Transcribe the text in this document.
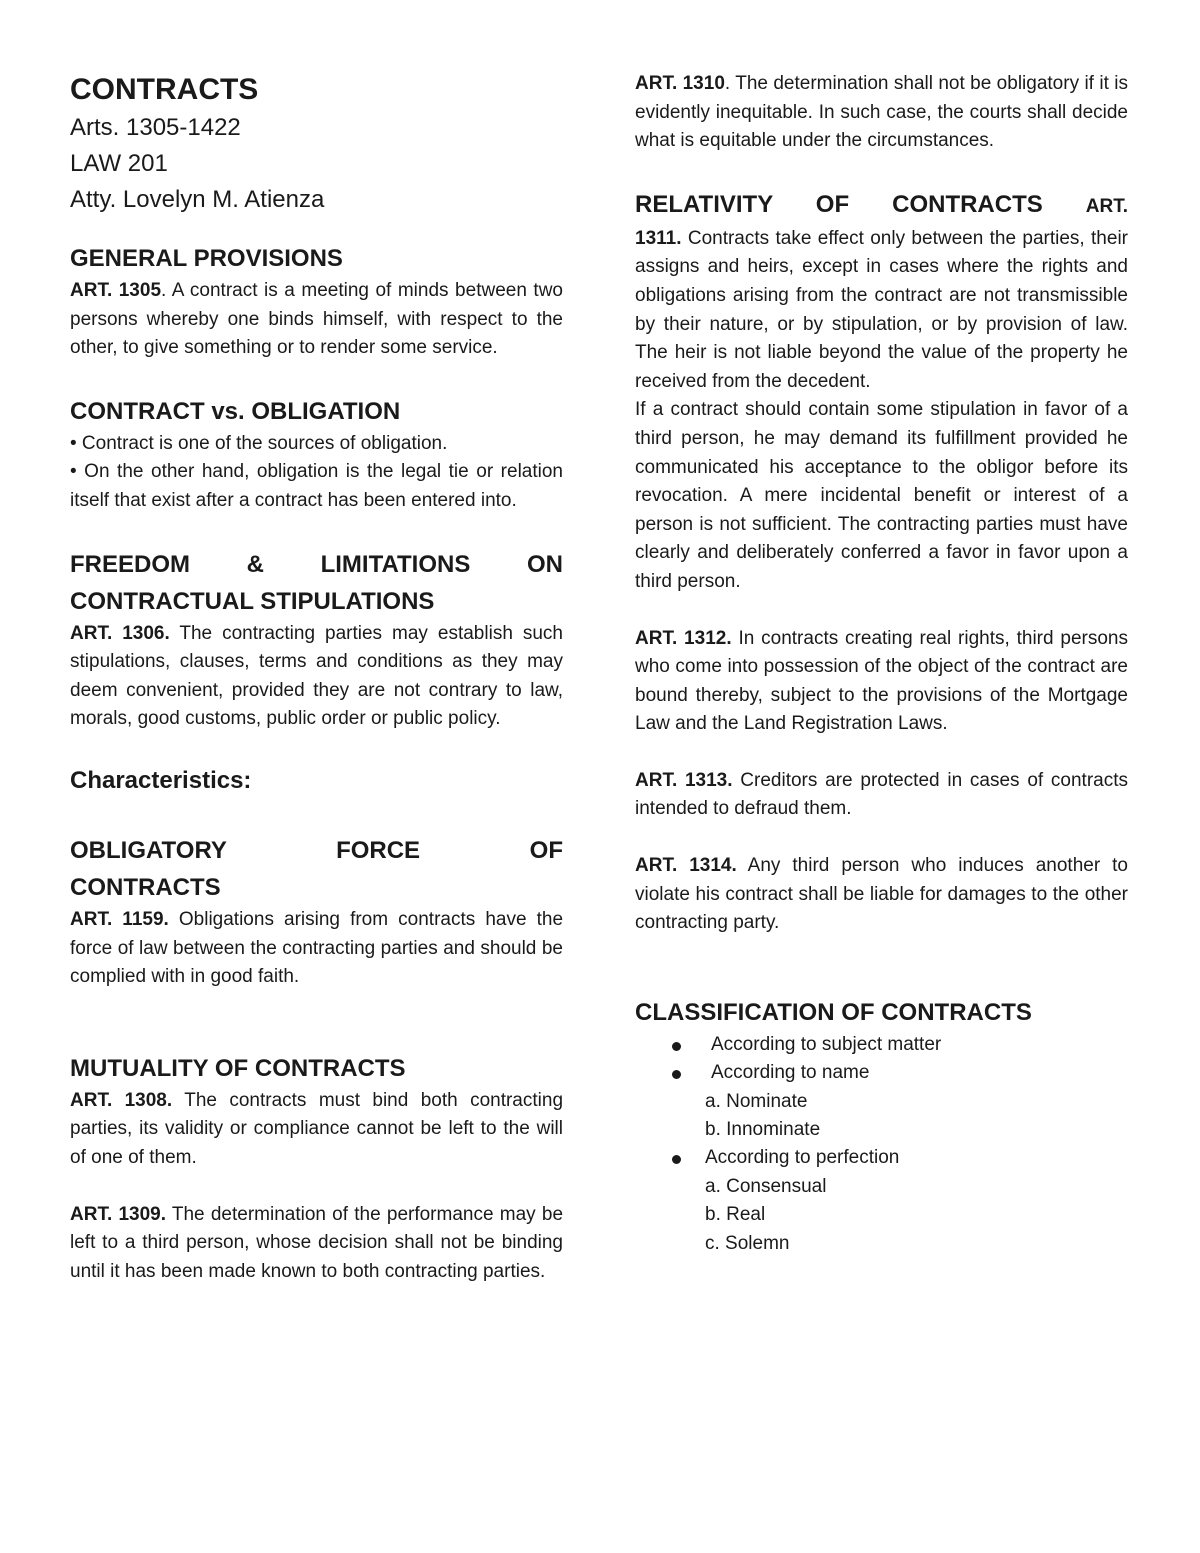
CONTRACTS

Arts. 1305-1422

LAW 201

Atty. Lovelyn M. Atienza

GENERAL PROVISIONS

ART. 1305. A contract is a meeting of minds between two persons whereby one binds himself, with respect to the other, to give something or to render some service.

CONTRACT vs. OBLIGATION

• Contract is one of the sources of obligation.

• On the other hand, obligation is the legal tie or relation itself that exist after a contract has been entered into.

FREEDOM & LIMITATIONS ON

CONTRACTUAL STIPULATIONS

ART. 1306. The contracting parties may establish such stipulations, clauses, terms and conditions as they may deem convenient, provided they are not contrary to law, morals, good customs, public order or public policy.

Characteristics:

OBLIGATORY FORCE OF

CONTRACTS

ART. 1159. Obligations arising from contracts have the force of law between the contracting parties and should be complied with in good faith.

MUTUALITY OF CONTRACTS

ART. 1308. The contracts must bind both contracting parties, its validity or compliance cannot be left to the will of one of them.

ART. 1309. The determination of the performance may be left to a third person, whose decision shall not be binding until it has been made known to both contracting parties.

ART. 1310. The determination shall not be obligatory if it is evidently inequitable. In such case, the courts shall decide what is equitable under the circumstances.

RELATIVITY OF CONTRACTS ART.

1311. Contracts take effect only between the parties, their assigns and heirs, except in cases where the rights and obligations arising from the contract are not transmissible by their nature, or by stipulation, or by provision of law. The heir is not liable beyond the value of the property he received from the decedent.

If a contract should contain some stipulation in favor of a third person, he may demand its fulfillment provided he communicated his acceptance to the obligor before its revocation. A mere incidental benefit or interest of a person is not sufficient. The contracting parties must have clearly and deliberately conferred a favor in favor upon a third person.

ART. 1312. In contracts creating real rights, third persons who come into possession of the object of the contract are bound thereby, subject to the provisions of the Mortgage Law and the Land Registration Laws.

ART. 1313. Creditors are protected in cases of contracts intended to defraud them.

ART. 1314. Any third person who induces another to violate his contract shall be liable for damages to the other contracting party.

CLASSIFICATION OF CONTRACTS

According to subject matter
According to name
a. Nominate
b. Innominate
According to perfection
a. Consensual
b. Real
c. Solemn
